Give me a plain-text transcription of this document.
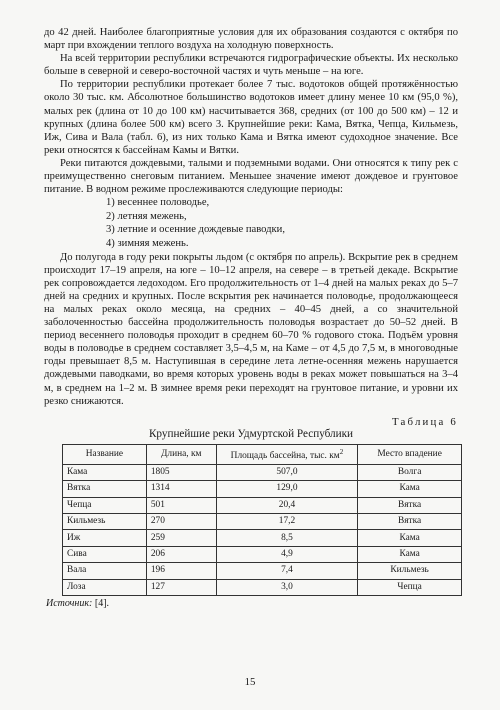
до 42 дней. Наиболее благоприятные условия для их образования создаются с октября по март при вхождении теплого воздуха на холодную поверхность.

На всей территории республики встречаются гидрографические объекты. Их несколько больше в северной и северо-восточной частях и чуть меньше – на юге.

По территории республики протекает более 7 тыс. водотоков общей протяжённостью около 30 тыс. км. Абсолютное большинство водотоков имеет длину менее 10 км (95,0 %), малых рек (длина от 10 до 100 км) насчитывается 368, средних (от 100 до 500 км) – 12 и крупных (длина более 500 км) всего 3. Крупнейшие реки: Кама, Вятка, Чепца, Кильмезь, Иж, Сива и Вала (табл. 6), из них только Кама и Вятка имеют судоходное значение. Все реки относятся к бассейнам Камы и Вятки.

Реки питаются дождевыми, талыми и подземными водами. Они относятся к типу рек с преимущественно снеговым питанием. Меньшее значение имеют дождевое и грунтовое питание. В водном режиме прослеживаются следующие периоды:

1) весеннее половодье,
2) летняя межень,
3) летние и осенние дождевые паводки,
4) зимняя межень.

До полугода в году реки покрыты льдом (с октября по апрель). Вскрытие рек в среднем происходит 17–19 апреля, на юге – 10–12 апреля, на севере – в третьей декаде. Вскрытие рек сопровождается ледоходом. Его продолжительность от 1–4 дней на малых реках до 5–7 дней на средних и крупных. После вскрытия рек начинается половодье, продолжающееся на малых реках около месяца, на средних – 40–45 дней, а со значительной заболоченностью бассейна продолжительность половодья возрастает до 50–52 дней. В период весеннего половодья проходит в среднем 60–70 % годового стока. Подъём уровня воды в половодье в среднем составляет 3,5–4,5 м, на Каме – от 4,5 до 7,5 м, в многоводные годы превышает 8,5 м. Наступившая в середине лета летне-осенняя межень нарушается дождевыми паводками, во время которых уровень воды в реках может повышаться на 3–4 м, в среднем на 1–2 м. В зимнее время реки переходят на грунтовое питание, и уровни их резко снижаются.

Таблица 6
Крупнейшие реки Удмуртской Республики
Название	Длина, км	Площадь бассейна, тыс. $км^2$	Место впадение
Кама	1805	507,0	Волга
Вятка	1314	129,0	Кама
Чепца	501	20,4	Вятка
Кильмезь	270	17,2	Вятка
Иж	259	8,5	Кама
Сива	206	4,9	Кама
Вала	196	7,4	Кильмезь
Лоза	127	3,0	Чепца
Источник: [4].
15
